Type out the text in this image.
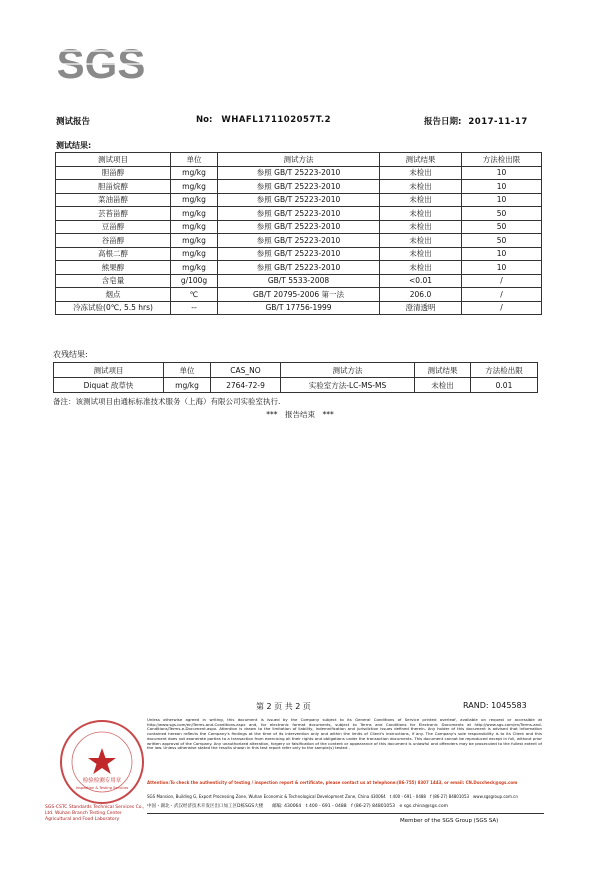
SGS
测试报告	No: WHAFL171102057T.2	报告日期: 2017-11-17
测试结果:
测试项目	单位	测试方法	测试结果	方法检出限
胆甾醇	mg/kg	参照 GB/T 25223-2010	未检出	10
胆甾烷醇	mg/kg	参照 GB/T 25223-2010	未检出	10
菜油甾醇	mg/kg	参照 GB/T 25223-2010	未检出	10
芸苔甾醇	mg/kg	参照 GB/T 25223-2010	未检出	50
豆甾醇	mg/kg	参照 GB/T 25223-2010	未检出	50
谷甾醇	mg/kg	参照 GB/T 25223-2010	未检出	50
高根二醇	mg/kg	参照 GB/T 25223-2010	未检出	10
熊果醇	mg/kg	参照 GB/T 25223-2010	未检出	10
含皂量	g/100g	GB/T 5533-2008	<0.01	/
烟点	℃	GB/T 20795-2006 第一法	206.0	/
冷冻试验(0℃, 5.5 hrs)	--	GB/T 17756-1999	澄清透明	/
农残结果:
测试项目	单位	CAS_NO	测试方法	测试结果	方法检出限
Diquat 敌草快	mg/kg	2764-72-9	实验室方法-LC-MS-MS	未检出	0.01
备注：该测试项目由通标标准技术服务（上海）有限公司实验室执行.
***　报告结束　***
第 2 页 共 2 页	RAND: 1045583
检验检测专用章
Inspection & Testing Services
SGS-CSTC Standards Technical Services Co., Ltd. Wuhan Branch Testing Center Agricultural and Food Laboratory
Unless otherwise agreed in writing, this document is issued by the Company subject to its General Conditions of Service printed overleaf, available on request or accessible at http://www.sgs.com/en/Terms-and-Conditions.aspx and, for electronic format documents, subject to Terms and Conditions for Electronic Documents at http://www.sgs.com/en/Terms-and-Conditions/Terms-e-Document.aspx. Attention is drawn to the limitation of liability, indemnification and jurisdiction issues defined therein. Any holder of this document is advised that information contained hereon reflects the Company's findings at the time of its intervention only and within the limits of Client's instructions, if any. The Company's sole responsibility is to its Client and this document does not exonerate parties to a transaction from exercising all their rights and obligations under the transaction documents. This document cannot be reproduced except in full, without prior written approval of the Company. Any unauthorized alteration, forgery or falsification of the content or appearance of this document is unlawful and offenders may be prosecuted to the fullest extent of the law. Unless otherwise stated the results shown in this test report refer only to the sample(s) tested .
Attention:To check the authenticity of testing / inspection report & certificate, please contact us at telephone:(86-755) 8307 1443, or email: CN.Doccheck@sgs.com
SGS Mansion, Building G, Export Processing Zone, Wuhan Economic & Technological Development Zone, China 430064　t 400 - 691 - 0488　f (86-27) 84801053　www.sgsgroup.com.cn
中国・湖北・武汉经济技术开发区出口加工区D栋SGS大楼　　邮编: 430064　t 400 - 691 - 0488　f (86-27) 84801053　e sgs.china@sgs.com
Member of the SGS Group (SGS SA)
